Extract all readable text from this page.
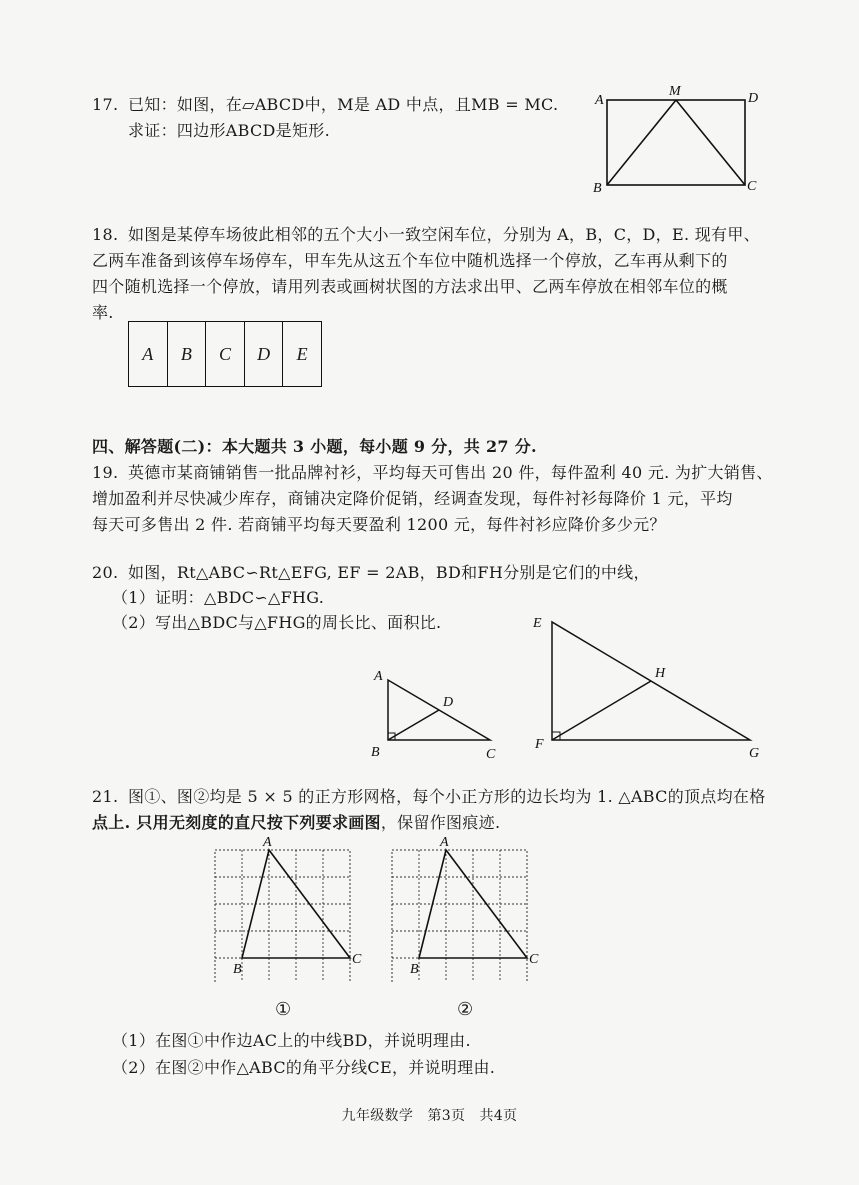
17. 已知：如图，在▱ABCD中，M是 AD 中点，且MB = MC.
求证：四边形ABCD是矩形.
A
M	D
B	C
18. 如图是某停车场彼此相邻的五个大小一致空闲车位，分别为 A，B，C，D，E. 现有甲、
乙两车准备到该停车场停车，甲车先从这五个车位中随机选择一个停放，乙车再从剩下的
四个随机选择一个停放，请用列表或画树状图的方法求出甲、乙两车停放在相邻车位的概
率.
A B C D E
四、解答题(二)：本大题共 3 小题，每小题 9 分，共 27 分.
19. 英德市某商铺销售一批品牌衬衫，平均每天可售出 20 件，每件盈利 40 元. 为扩大销售、
增加盈利并尽快减少库存，商铺决定降价促销，经调查发现，每件衬衫每降价 1 元，平均
每天可多售出 2 件. 若商铺平均每天要盈利 1200 元，每件衬衫应降价多少元？
20. 如图，Rt△ABC∽Rt△EFG, EF = 2AB，BD和FH分别是它们的中线，
（1）证明：△BDC∽△FHG.
（2）写出△BDC与△FHG的周长比、面积比.
A
D
B	C
E
H
F
G
21. 图①、图②均是 5 × 5 的正方形网格，每个小正方形的边长均为 1. △ABC的顶点均在格
点上. 只用无刻度的直尺按下列要求画图，保留作图痕迹.
A
B
C
①
A
B
C
②
（1）在图①中作边AC上的中线BD，并说明理由.
（2）在图②中作△ABC的角平分线CE，并说明理由.
九年级数学　第3页　共4页
